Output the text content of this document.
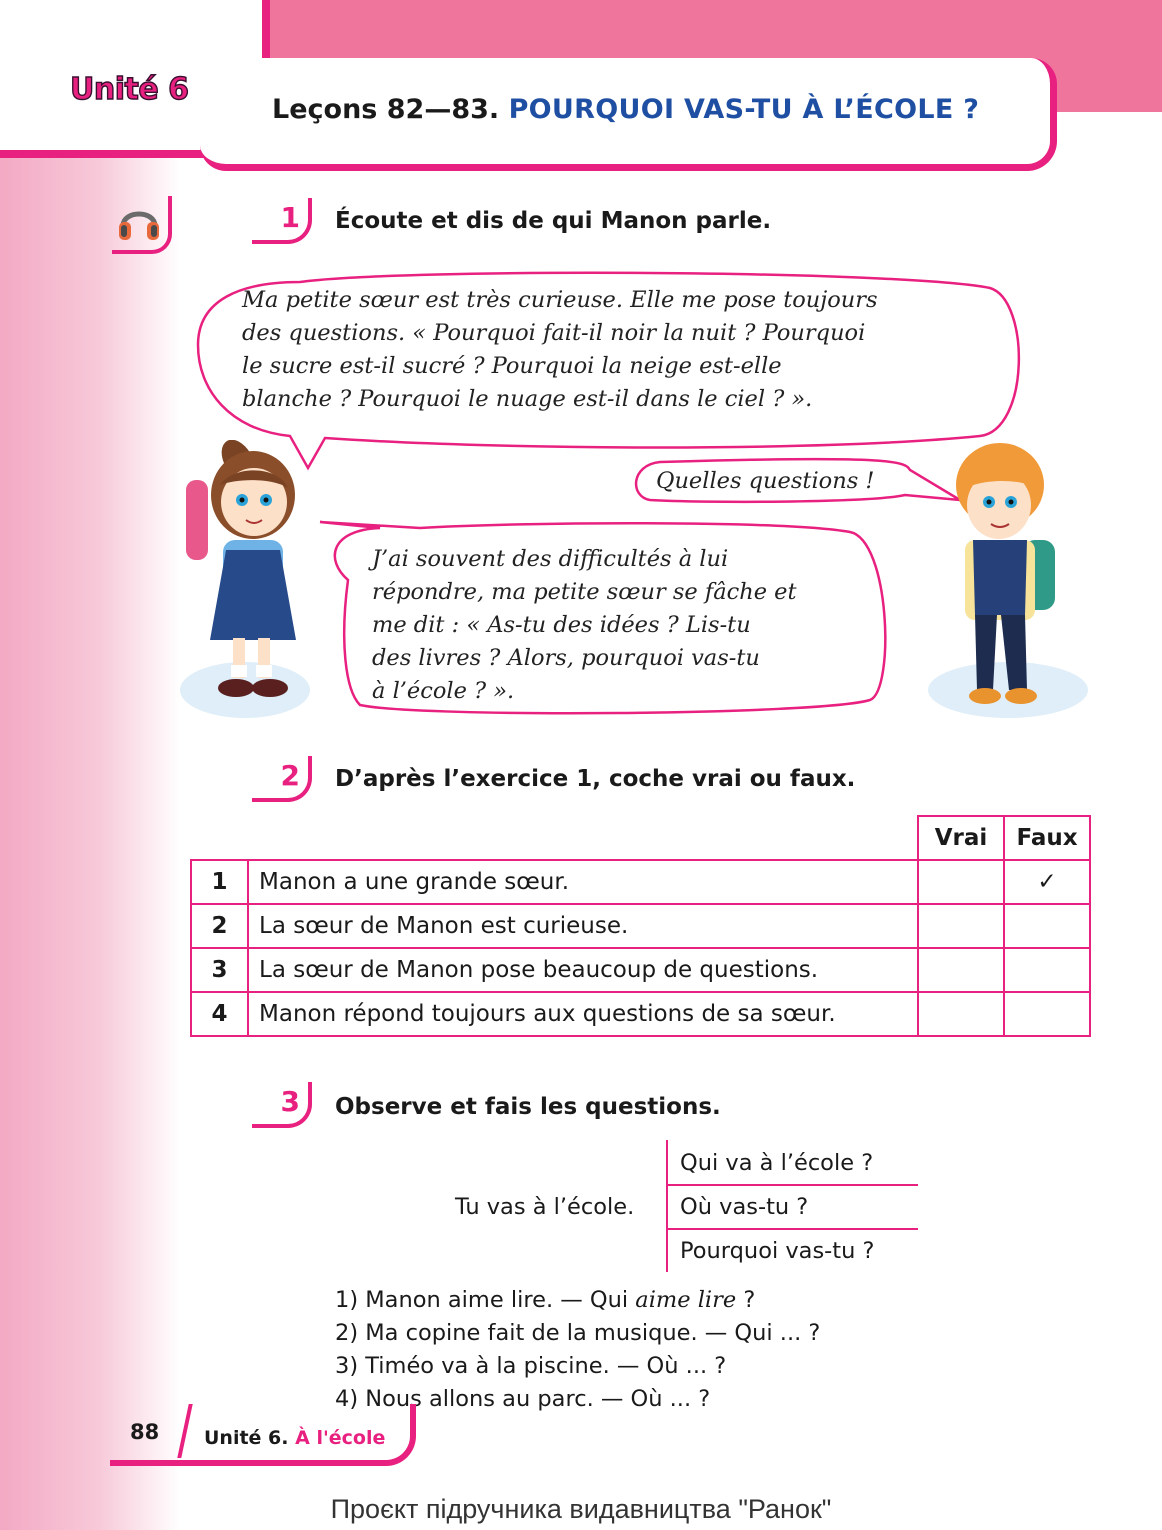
Unité 6
Leçons 82—83. POURQUOI VAS-TU À L’ÉCOLE ?
1	Écoute et dis de qui Manon parle.
Ma petite sœur est très curieuse. Elle me pose toujours
des questions. « Pourquoi fait-il noir la nuit ? Pourquoi
le sucre est-il sucré ? Pourquoi la neige est-elle
blanche ? Pourquoi le nuage est-il dans le ciel ? ».
Quelles questions !
J’ai souvent des difficultés à lui
répondre, ma petite sœur se fâche et
me dit : « As-tu des idées ? Lis-tu
des livres ? Alors, pourquoi vas-tu
à l’école ? ».
2	D’après l’exercice 1, coche vrai ou faux.
		Vrai	Faux
1	Manon a une grande sœur.		✓
2	La sœur de Manon est curieuse.		
3	La sœur de Manon pose beaucoup de questions.		
4	Manon répond toujours aux questions de sa sœur.		
3	Observe et fais les questions.
Tu vas à l’école.
Qui va à l’école ?
Où vas-tu ?
Pourquoi vas-tu ?
1) Manon aime lire. — Qui aime lire ?
2) Ma copine fait de la musique. — Qui ... ?
3) Timéo va à la piscine. — Où ... ?
4) Nous allons au parc. — Où ... ?
88 Unité 6. À l'école
Проєкт підручника видавництва "Ранок"
